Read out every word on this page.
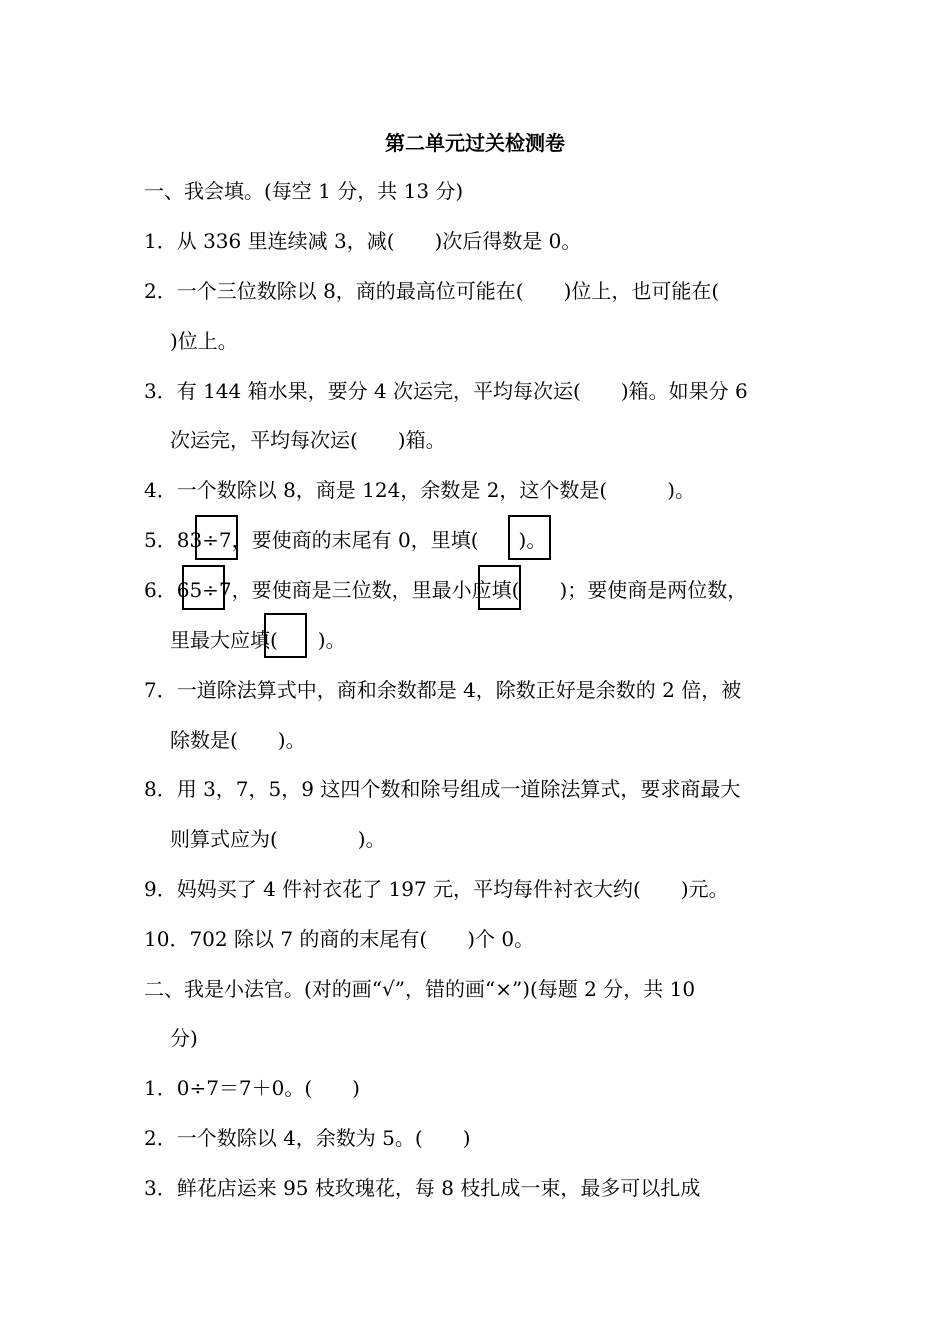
第二单元过关检测卷
一、我会填。(每空 1 分，共 13 分)
1．从 336 里连续减 3，减(　　)次后得数是 0。
2．一个三位数除以 8，商的最高位可能在(　　)位上，也可能在(
)位上。
3．有 144 箱水果，要分 4 次运完，平均每次运(　　)箱。如果分 6
次运完，平均每次运(　　)箱。
4．一个数除以 8，商是 124，余数是 2，这个数是(　　　)。
5．83÷7，要使商的末尾有 0，里填(　　)。
6．65÷7，要使商是三位数，里最小应填(　　)；要使商是两位数，
里最大应填(　　)。
7．一道除法算式中，商和余数都是 4，除数正好是余数的 2 倍，被
除数是(　　)。
8．用 3，7，5，9 这四个数和除号组成一道除法算式，要求商最大
则算式应为(　　　　)。
9．妈妈买了 4 件衬衣花了 197 元，平均每件衬衣大约(　　)元。
10．702 除以 7 的商的末尾有(　　)个 0。
二、我是小法官。(对的画“√”，错的画“×”)(每题 2 分，共 10
分)
1．0÷7＝7＋0。(　　)
2．一个数除以 4，余数为 5。(　　)
3．鲜花店运来 95 枝玫瑰花，每 8 枝扎成一束，最多可以扎成
